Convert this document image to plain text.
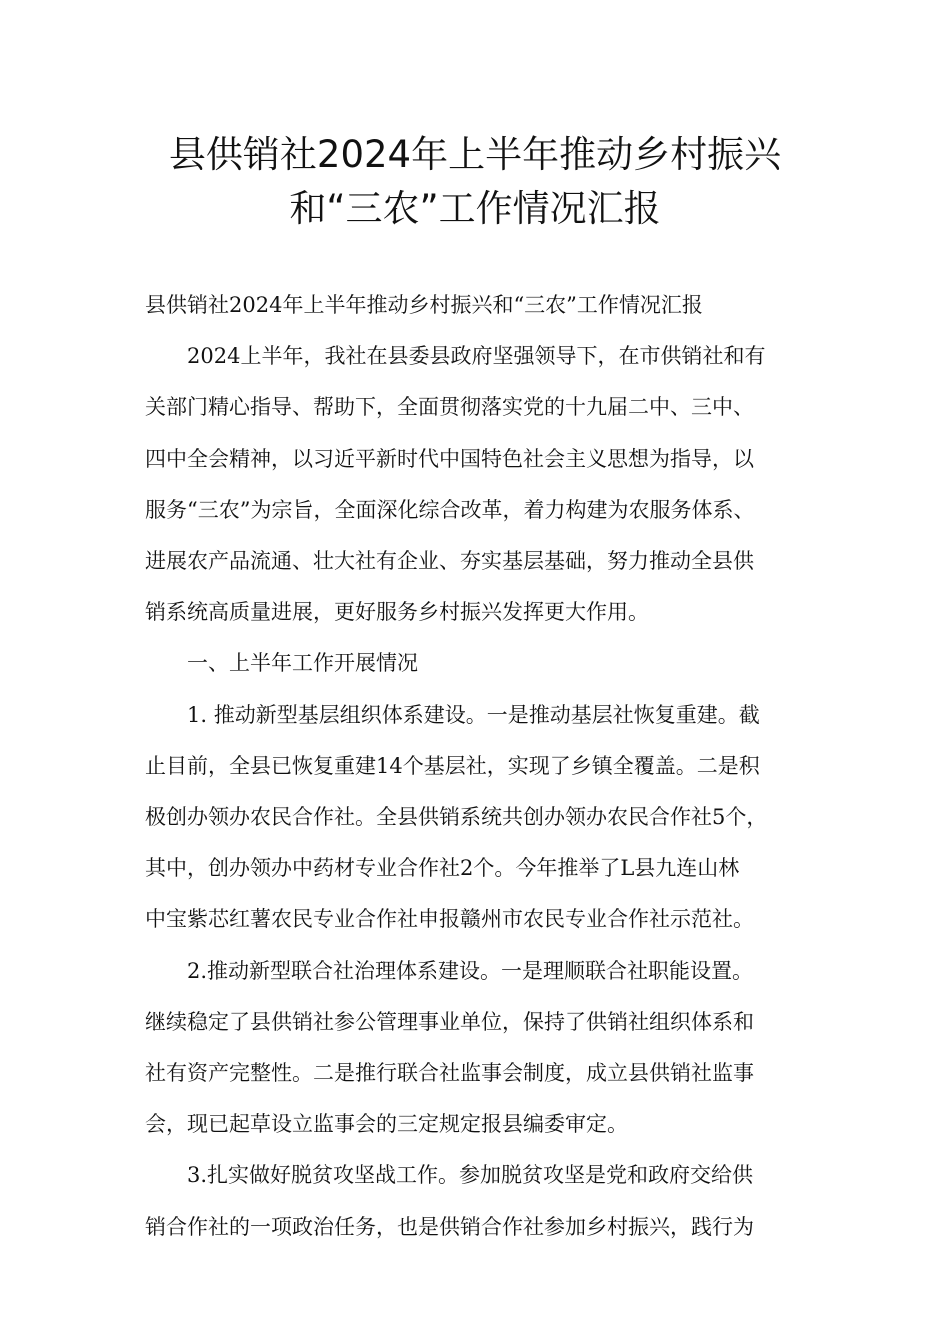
县供销社2024年上半年推动乡村振兴
和“三农”工作情况汇报

县供销社2024年上半年推动乡村振兴和“三农”工作情况汇报

2024上半年，我社在县委县政府坚强领导下，在市供销社和有
关部门精心指导、帮助下，全面贯彻落实党的十九届二中、三中、
四中全会精神，以习近平新时代中国特色社会主义思想为指导，以
服务“三农”为宗旨，全面深化综合改革，着力构建为农服务体系、
进展农产品流通、壮大社有企业、夯实基层基础，努力推动全县供
销系统高质量进展，更好服务乡村振兴发挥更大作用。

一、上半年工作开展情况

1. 推动新型基层组织体系建设。一是推动基层社恢复重建。截
止目前，全县已恢复重建14个基层社，实现了乡镇全覆盖。二是积
极创办领办农民合作社。全县供销系统共创办领办农民合作社5个，
其中，创办领办中药材专业合作社2个。今年推举了L县九连山林
中宝紫芯红薯农民专业合作社申报赣州市农民专业合作社示范社。

2.推动新型联合社治理体系建设。一是理顺联合社职能设置。
继续稳定了县供销社参公管理事业单位，保持了供销社组织体系和
社有资产完整性。二是推行联合社监事会制度，成立县供销社监事
会，现已起草设立监事会的三定规定报县编委审定。

3.扎实做好脱贫攻坚战工作。参加脱贫攻坚是党和政府交给供
销合作社的一项政治任务，也是供销合作社参加乡村振兴，践行为
